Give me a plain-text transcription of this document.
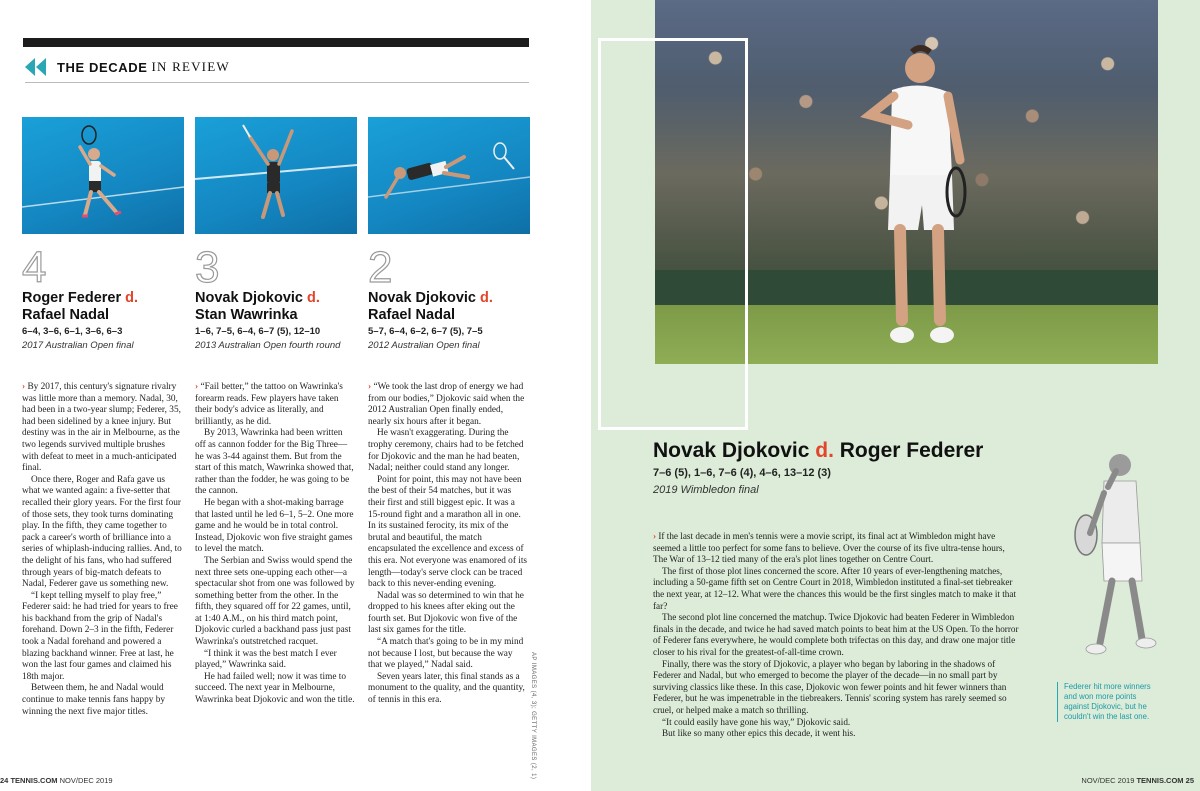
THE DECADE IN REVIEW
4
Roger Federer d.
Rafael Nadal
6–4, 3–6, 6–1, 3–6, 6–3
2017 Australian Open final
3
Novak Djokovic d.
Stan Wawrinka
1–6, 7–5, 6–4, 6–7 (5), 12–10
2013 Australian Open fourth round
2
Novak Djokovic d.
Rafael Nadal
5–7, 6–4, 6–2, 6–7 (5), 7–5
2012 Australian Open final

› By 2017, this century's signature rivalry was little more than a memory. Nadal, 30, had been in a two-year slump; Federer, 35, had been sidelined by a knee injury. But destiny was in the air in Melbourne, as the two legends survived multiple brushes with defeat to meet in a much-anticipated final.

Once there, Roger and Rafa gave us what we wanted again: a five-setter that recalled their glory years. For the first four of those sets, they took turns dominating play. In the fifth, they came together to pack a career's worth of brilliance into a series of whiplash-inducing rallies. And, to the delight of his fans, who had suffered through years of big-match defeats to Nadal, Federer gave us something new.

“I kept telling myself to play free,” Federer said: he had tried for years to free his backhand from the grip of Nadal's forehand. Down 2–3 in the fifth, Federer took a Nadal forehand and powered a blazing backhand winner. Free at last, he won the last four games and claimed his 18th major.

Between them, he and Nadal would continue to make tennis fans happy by winning the next five major titles.

› “Fail better,” the tattoo on Wawrinka's forearm reads. Few players have taken their body's advice as literally, and brilliantly, as he did.

By 2013, Wawrinka had been written off as cannon fodder for the Big Three—he was 3-44 against them. But from the start of this match, Wawrinka showed that, rather than the fodder, he was going to be the cannon.

He began with a shot-making barrage that lasted until he led 6–1, 5–2. One more game and he would be in total control. Instead, Djokovic won five straight games to level the match.

The Serbian and Swiss would spend the next three sets one-upping each other—a spectacular shot from one was followed by something better from the other. In the fifth, they squared off for 22 games, until, at 1:40 A.M., on his third match point, Djokovic curled a backhand pass just past Wawrinka's outstretched racquet.

“I think it was the best match I ever played,” Wawrinka said.

He had failed well; now it was time to succeed. The next year in Melbourne, Wawrinka beat Djokovic and won the title.

› “We took the last drop of energy we had from our bodies,” Djokovic said when the 2012 Australian Open finally ended, nearly six hours after it began.

He wasn't exaggerating. During the trophy ceremony, chairs had to be fetched for Djokovic and the man he had beaten, Nadal; neither could stand any longer.

Point for point, this may not have been the best of their 54 matches, but it was their first and still biggest epic. It was a 15-round fight and a marathon all in one. In its sustained ferocity, its mix of the brutal and beautiful, the match encapsulated the excellence and excess of this era. Not everyone was enamored of its length—today's serve clock can be traced back to this never-ending evening.

Nadal was so determined to win that he dropped to his knees after eking out the fourth set. But Djokovic won five of the last six games for the title.

“A match that's going to be in my mind not because I lost, but because the way that we played,” Nadal said.

Seven years later, this final stands as a monument to the quality, and the quantity, of tennis in this era.	AP IMAGES (4, 3); GETTY IMAGES (2, 1)
24 TENNIS.COM NOV/DEC 2019
Novak Djokovic d. Roger Federer
7–6 (5), 1–6, 7–6 (4), 4–6, 13–12 (3)
2019 Wimbledon final

› If the last decade in men's tennis were a movie script, its final act at Wimbledon might have seemed a little too perfect for some fans to believe. Over the course of its five ultra-tense hours, The War of 13–12 tied many of the era's plot lines together on Centre Court.

The first of those plot lines concerned the score. After 10 years of ever-lengthening matches, including a 50-game fifth set on Centre Court in 2018, Wimbledon instituted a final-set tiebreaker the next year, at 12–12. What were the chances this would be the first singles match to make it that far?

The second plot line concerned the matchup. Twice Djokovic had beaten Federer in Wimbledon finals in the decade, and twice he had saved match points to beat him at the US Open. To the horror of Federer fans everywhere, he would complete both trifectas on this day, and draw one major title closer to his rival for the greatest-of-all-time crown.

Finally, there was the story of Djokovic, a player who began by laboring in the shadows of Federer and Nadal, but who emerged to become the player of the decade—in no small part by surviving classics like these. In this case, Djokovic won fewer points and hit fewer winners than Federer, but he was impenetrable in the tiebreakers. Tennis' scoring system has rarely seemed so cruel, or helped make a match so thrilling.

“It could easily have gone his way,” Djokovic said.

But like so many other epics this decade, it went his.

Federer hit more winners and won more points against Djokovic, but he couldn't win the last one.
NOV/DEC 2019 TENNIS.COM 25
